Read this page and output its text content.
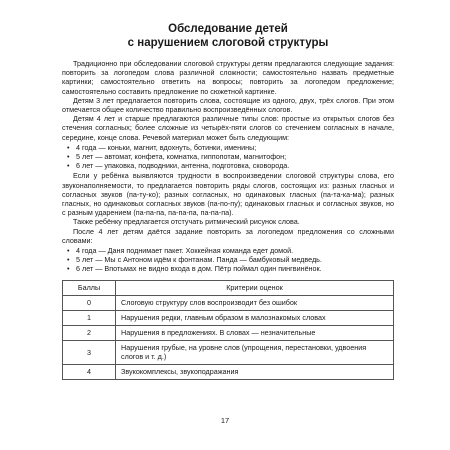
Обследование детей
с нарушением слоговой структуры

Традиционно при обследовании слоговой структуры детям предлагаются следующие задания: повторить за логопедом слова различной сложности; самостоятельно назвать предметные картинки; самостоятельно ответить на вопросы; повторить за логопедом предложение; самостоятельно составить предложение по сюжетной картинке.

Детям 3 лет предлагается повторить слова, состоящие из одного, двух, трёх слогов. При этом отмечается общее количество правильно воспроизведённых слогов.

Детям 4 лет и старше предлагаются различные типы слов: простые из открытых слогов без стечения согласных; более сложные из четырёх-пяти слогов со стечением согласных в начале, середине, конце слова. Речевой материал может быть следующим:

• 4 года — коньки, магнит, вдохнуть, ботинки, именины;
• 5 лет — автомат, конфета, комнатка, гиппопотам, магнитофон;
• 6 лет — упаковка, подводники, антенна, подготовка, сковорода.

Если у ребёнка выявляются трудности в воспроизведении слоговой структуры слова, его звуконаполняемости, то предлагается повторить ряды слогов, состоящих из: разных гласных и согласных звуков (па-ту-ко); разных согласных, но одинаковых гласных (па-та-ка-ма); разных гласных, но одинаковых согласных звуков (па-по-пу); одинаковых гласных и согласных звуков, но с разным ударением (па-па-па, па-па-па, па-па-па).

Также ребёнку предлагается отстучать ритмический рисунок слова.

После 4 лет детям даётся задание повторить за логопедом предложения со сложными словами:

• 4 года — Даня поднимает пакет. Хоккейная команда едет домой.
• 5 лет — Мы с Антоном идём к фонтанам. Панда — бамбуковый медведь.
• 6 лет — Впотьмах не видно входа в дом. Пётр поймал один пингвинёнок.
Баллы	Критерии оценок
0	Слоговую структуру слов воспроизводит без ошибок
1	Нарушения редки, главным образом в малознакомых словах
2	Нарушения в предложениях. В словах — незначительные
3	Нарушения грубые, на уровне слов (упрощения, перестановки, удвоения слогов и т. д.)
4	Звукокомплексы, звукоподражания
17
